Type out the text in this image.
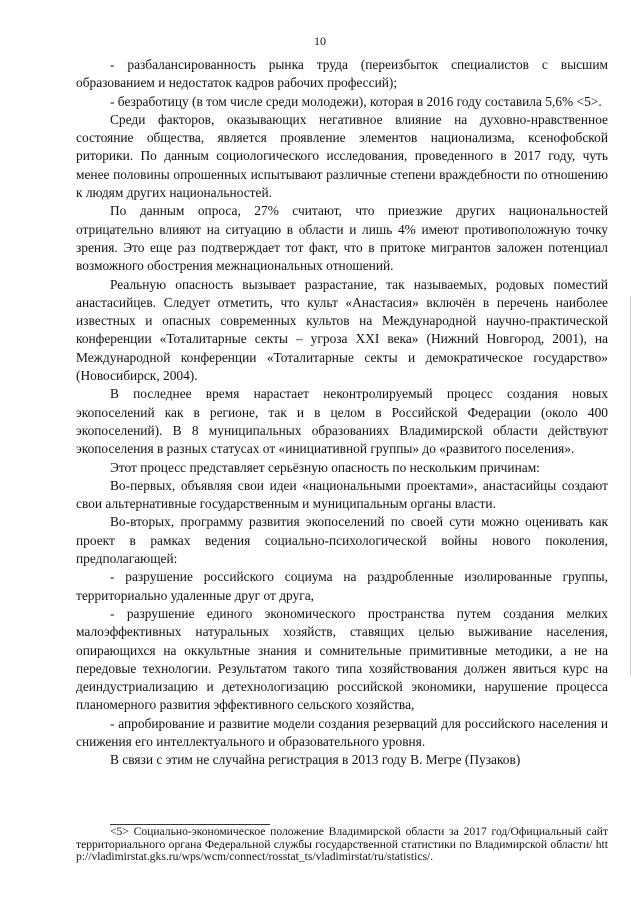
10

- разбалансированность рынка труда (переизбыток специалистов с высшим образованием и недостаток кадров рабочих профессий);

- безработицу (в том числе среди молодежи), которая в 2016 году составила 5,6% <5>.

Среди факторов, оказывающих негативное влияние на духовно-нравственное состояние общества, является проявление элементов национализма, ксенофобской риторики. По данным социологического исследования, проведенного в 2017 году, чуть менее половины опрошенных испытывают различные степени враждебности по отношению к людям других национальностей.

По данным опроса, 27% считают, что приезжие других национальностей отрицательно влияют на ситуацию в области и лишь 4% имеют противоположную точку зрения. Это еще раз подтверждает тот факт, что в притоке мигрантов заложен потенциал возможного обострения межнациональных отношений.

Реальную опасность вызывает разрастание, так называемых, родовых поместий анастасийцев. Следует отметить, что культ «Анастасия» включён в перечень наиболее известных и опасных современных культов на Международной научно-практической конференции «Тоталитарные секты – угроза XXI века» (Нижний Новгород, 2001), на Международной конференции «Тоталитарные секты и демократическое государство» (Новосибирск, 2004).

В последнее время нарастает неконтролируемый процесс создания новых экопоселений как в регионе, так и в целом в Российской Федерации (около 400 экопоселений). В 8 муниципальных образованиях Владимирской области действуют экопоселения в разных статусах от «инициативной группы» до «развитого поселения».

Этот процесс представляет серьёзную опасность по нескольким причинам:

Во-первых, объявляя свои идеи «национальными проектами», анастасийцы создают свои альтернативные государственным и муниципальным органы власти.

Во-вторых, программу развития экопоселений по своей сути можно оценивать как проект в рамках ведения социально-психологической войны нового поколения, предполагающей:

- разрушение российского социума на раздробленные изолированные группы, территориально удаленные друг от друга,

- разрушение единого экономического пространства путем создания мелких малоэффективных натуральных хозяйств, ставящих целью выживание населения, опирающихся на оккультные знания и сомнительные примитивные методики, а не на передовые технологии. Результатом такого типа хозяйствования должен явиться курс на деиндустриализацию и детехнологизацию российской экономики, нарушение процесса планомерного развития эффективного сельского хозяйства,

- апробирование и развитие модели создания резерваций для российского населения и снижения его интеллектуального и образовательного уровня.

В связи с этим не случайна регистрация в 2013 году В. Мегре (Пузаков)

<5> Социально-экономическое положение Владимирской области за 2017 год/Официальный сайт территориального органа Федеральной службы государственной статистики по Владимирской области/ http://vladimirstat.gks.ru/wps/wcm/connect/rosstat_ts/vladimirstat/ru/statistics/.
